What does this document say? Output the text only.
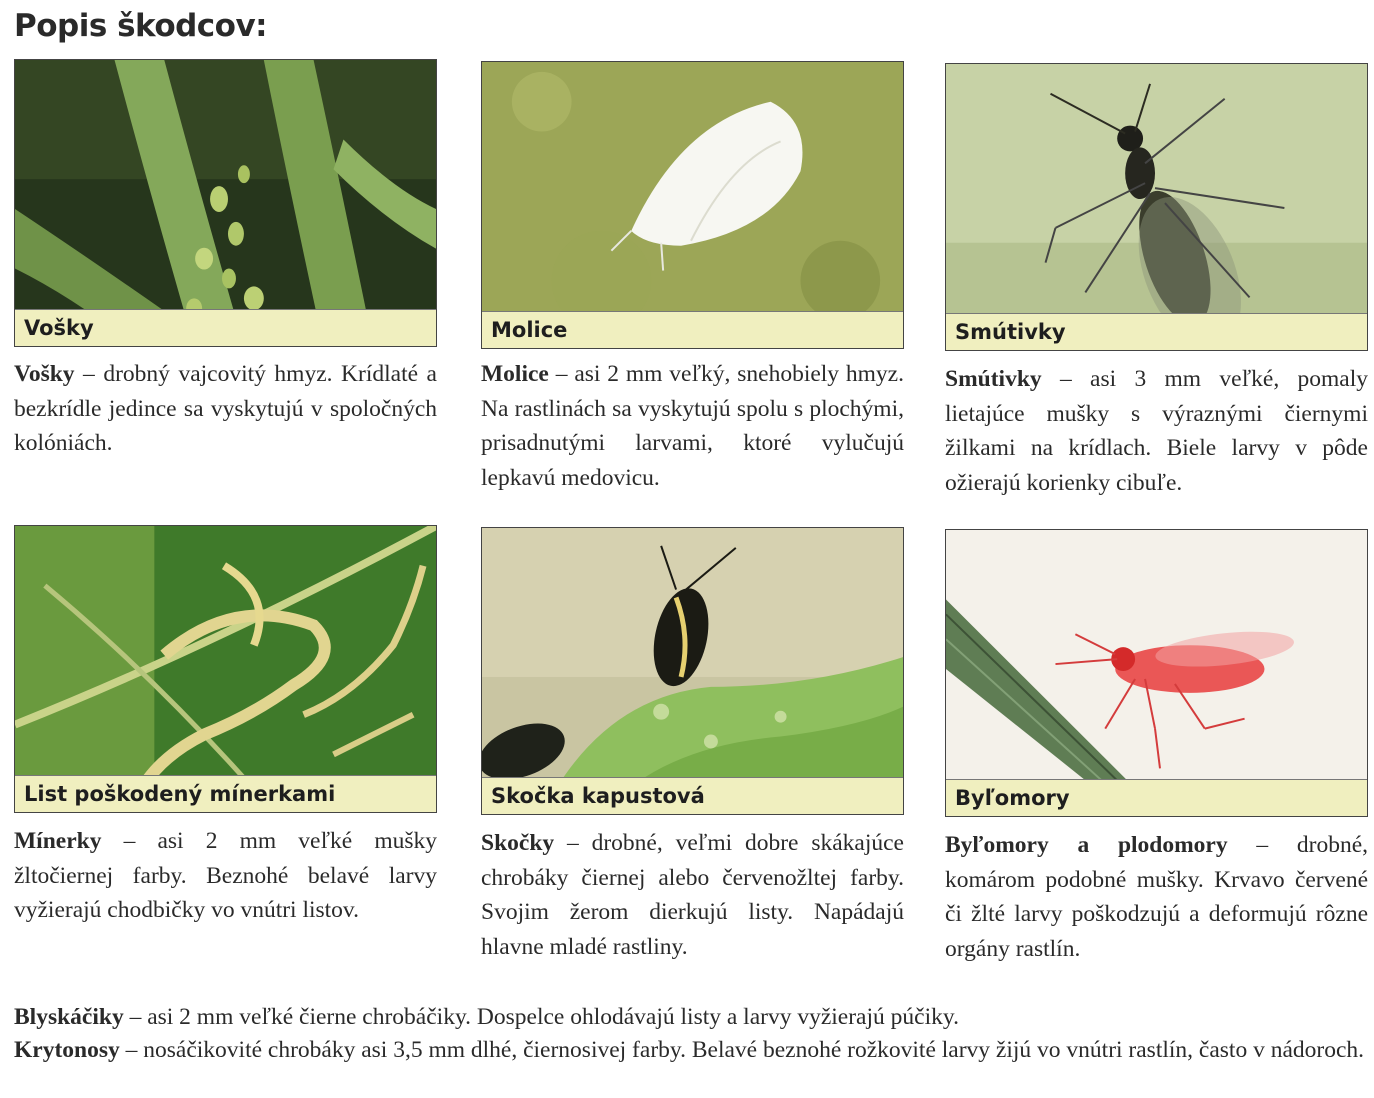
Popis škodcov:
Vošky	Molice	Smútivky
List poškodený mínerkami	Skočka kapustová	Byľomory

Vošky – drobný vajcovitý hmyz. Krídlaté a bezkrídle jedince sa vyskytujú v spoločných kolóniách.

Molice – asi 2 mm veľký, snehobiely hmyz. Na rastlinách sa vyskytujú spolu s plochými, prisadnutými larvami, ktoré vylučujú lepkavú medovicu.

Smútivky – asi 3 mm veľké, pomaly lietajúce mušky s výraznými čiernymi žilkami na krídlach. Biele larvy v pôde ožierajú korienky cibuľe.

Mínerky – asi 2 mm veľké mušky žltočiernej farby. Beznohé belavé larvy vyžierajú chodbičky vo vnútri listov.

Skočky – drobné, veľmi dobre skákajúce chrobáky čiernej alebo červenožltej farby. Svojim žerom dierkujú listy. Napádajú hlavne mladé rastliny.

Byľomory a plodomory – drobné, komárom podobné mušky. Krvavo červené či žlté larvy poškodzujú a deformujú rôzne orgány rastlín.

Blyskáčiky – asi 2 mm veľké čierne chrobáčiky. Dospelce ohlodávajú listy a larvy vyžierajú púčiky.

Krytonosy – nosáčikovité chrobáky asi 3,5 mm dlhé, čiernosivej farby. Belavé beznohé rožkovité larvy žijú vo vnútri rastlín, často v nádoroch.
